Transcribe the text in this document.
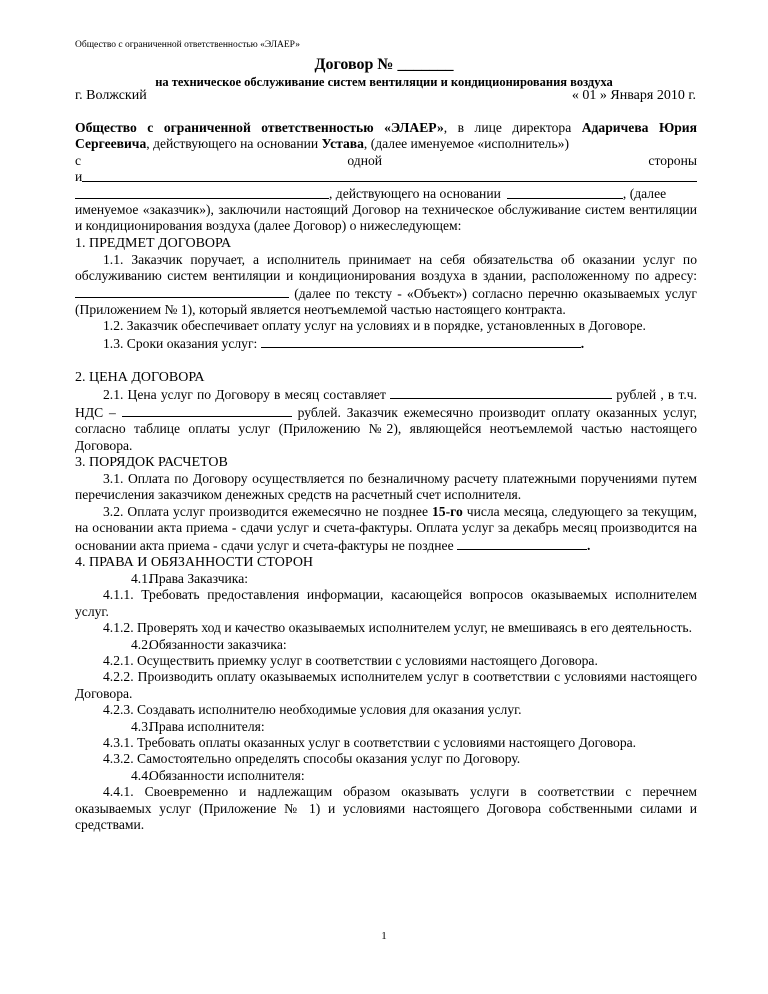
Общество с ограниченной ответственностью «ЭЛАЕР»
Договор № _______
на техническое обслуживание систем вентиляции и кондиционирования воздуха
г. Волжский	« 01 » Января 2010 г.

Общество с ограниченной ответственностью «ЭЛАЕР», в лице директора Адаричева Юрия Сергеевича, действующего на основании Устава, (далее именуемое «исполнитель»)

с	одной	стороны
и
, действующего на основании	, (далее

именуемое «заказчик»), заключили настоящий Договор на техническое обслуживание систем вентиляции и кондиционирования воздуха (далее Договор) о нижеследующем:

1. ПРЕДМЕТ ДОГОВОРА

1.1. Заказчик поручает, а исполнитель принимает на себя обязательства об оказании услуг по обслуживанию систем вентиляции и кондиционирования воздуха в здании, расположенному по адресу:  (далее по тексту - «Объект») согласно перечню оказываемых услуг (Приложением № 1), который является неотъемлемой частью настоящего контракта.

1.2. Заказчик обеспечивает оплату услуг на условиях и в порядке, установленных в Договоре.

1.3. Сроки оказания услуг:	.

2. ЦЕНА ДОГОВОРА

2.1. Цена услуг по Договору в месяц составляет	рублей , в т.ч. НДС –	рублей. Заказчик ежемесячно производит оплату оказанных услуг, согласно таблице оплаты услуг (Приложению №2), являющейся неотъемлемой частью настоящего Договора.

3. ПОРЯДОК РАСЧЕТОВ

3.1. Оплата по Договору осуществляется по безналичному расчету платежными поручениями путем перечисления заказчиком денежных средств на расчетный счет исполнителя.

3.2. Оплата услуг производится ежемесячно не позднее 15-го числа месяца, следующего за текущим, на основании акта приема - сдачи услуг и счета-фактуры. Оплата услуг за декабрь месяц производится на основании акта приема - сдачи услуг и счета-фактуры не позднее	.

4. ПРАВА И ОБЯЗАННОСТИ СТОРОН

4.1.Права Заказчика:

4.1.1. Требовать предоставления информации, касающейся вопросов оказываемых исполнителем услуг.

4.1.2. Проверять ход и качество оказываемых исполнителем услуг, не вмешиваясь в его деятельность.

4.2.Обязанности заказчика:

4.2.1. Осуществить приемку услуг в соответствии с условиями настоящего Договора.

4.2.2. Производить оплату оказываемых исполнителем услуг в соответствии с условиями настоящего Договора.

4.2.3. Создавать исполнителю необходимые условия для оказания услуг.

4.3.Права исполнителя:

4.3.1. Требовать оплаты оказанных услуг в соответствии с условиями настоящего Договора.

4.3.2. Самостоятельно определять способы оказания услуг по Договору.

4.4.Обязанности исполнителя:

4.4.1. Своевременно и надлежащим образом оказывать услуги в соответствии с перечнем оказываемых услуг (Приложение № 1) и условиями настоящего Договора собственными силами и средствами.

1
